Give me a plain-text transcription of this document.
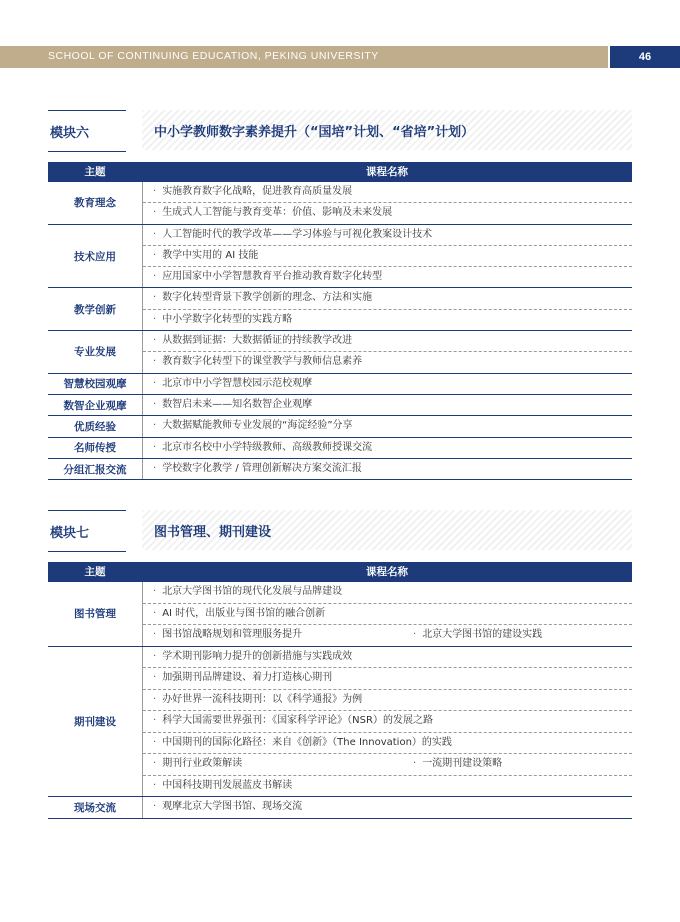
SCHOOL OF CONTINUING EDUCATION, PEKING UNIVERSITY	46
模块六	中小学教师数字素养提升（“国培”计划、“省培”计划）
主题	课程名称
教育理念
· 实施教育数字化战略，促进教育高质量发展
· 生成式人工智能与教育变革：价值、影响及未来发展
技术应用
· 人工智能时代的教学改革——学习体验与可视化教案设计技术
· 教学中实用的 AI 技能
· 应用国家中小学智慧教育平台推动教育数字化转型
教学创新
· 数字化转型背景下教学创新的理念、方法和实施
· 中小学数字化转型的实践方略
专业发展
· 从数据到证据：大数据循证的持续教学改进
· 教育数字化转型下的课堂教学与教师信息素养
智慧校园观摩	· 北京市中小学智慧校园示范校观摩
数智企业观摩	· 数智启未来——知名数智企业观摩
优质经验	· 大数据赋能教师专业发展的“海淀经验”分享
名师传授	· 北京市名校中小学特级教师、高级教师授课交流
分组汇报交流	· 学校数字化教学 / 管理创新解决方案交流汇报
模块七	图书管理、期刊建设
主题	课程名称
图书管理
· 北京大学图书馆的现代化发展与品牌建设
· AI 时代，出版业与图书馆的融合创新
· 图书馆战略规划和管理服务提升	· 北京大学图书馆的建设实践
期刊建设
· 学术期刊影响力提升的创新措施与实践成效
· 加强期刊品牌建设、着力打造核心期刊
· 办好世界一流科技期刊：以《科学通报》为例
· 科学大国需要世界强刊：《国家科学评论》（NSR）的发展之路
· 中国期刊的国际化路径：来自《创新》（The Innovation）的实践
· 期刊行业政策解读	· 一流期刊建设策略
· 中国科技期刊发展蓝皮书解读
现场交流	· 观摩北京大学图书馆、现场交流
